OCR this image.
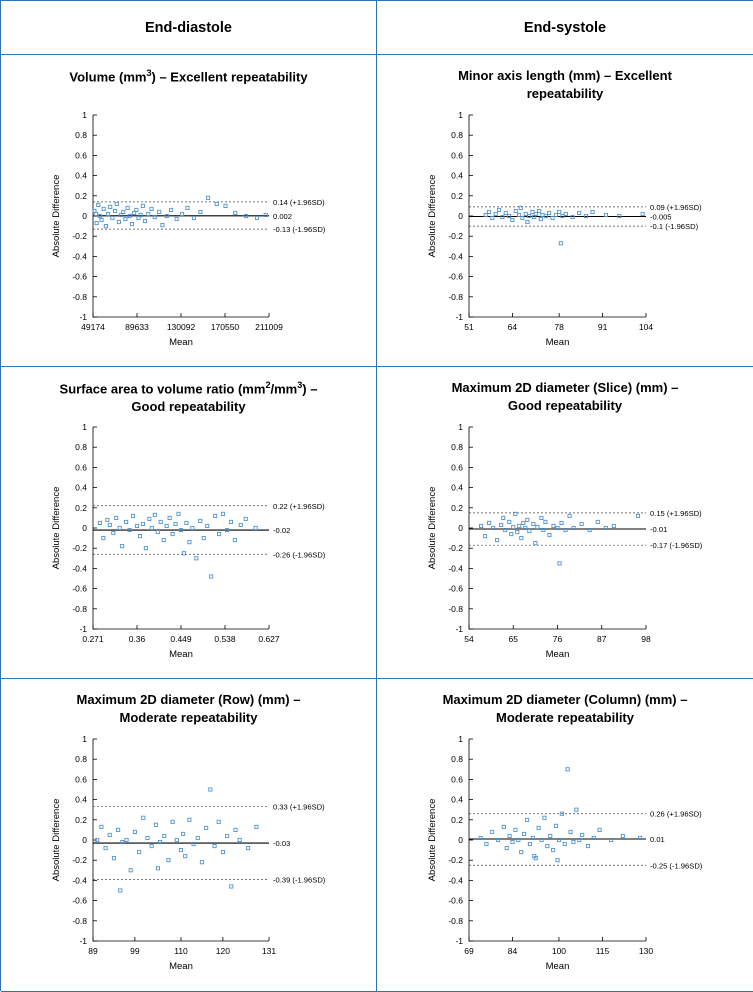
End-diastole	End-systole
Volume $(mm^3)$ – Excellent repeatability
-1
-0.8
-0.6
-0.4
-0.2
0
0.2
0.4
0.6
0.8
1
49174 89633 130092 170550 211009
Mean
Absolute Difference	0.14 (+1.96SD)
0.002
-0.13 (-1.96SD)
Minor axis length (mm) – Excellent
repeatability
-1
-0.8
-0.6
-0.4
-0.2
0
0.2
0.4
0.6
0.8
1
51	64	78	91	104
Mean
Absolute Difference	0.09 (+1.96SD)
-0.005
-0.1 (-1.96SD)
Surface area to volume ratio $(mm^2/mm^3)$ –
Good repeatability
-1
-0.8
-0.6
-0.4
-0.2
0
0.2
0.4
0.6
0.8
1
0.271	0.36	0.449	0.538	0.627
Mean
Absolute Difference	0.22 (+1.96SD)
-0.02
-0.26 (-1.96SD)
Maximum 2D diameter (Slice) (mm) –
Good repeatability
-1
-0.8
-0.6
-0.4
-0.2
0
0.2
0.4
0.6
0.8
1
54	65	76	87	98
Mean
Absolute Difference	0.15 (+1.96SD)
-0.01
-0.17 (-1.96SD)
Maximum 2D diameter (Row) (mm) –
Moderate repeatability
-1
-0.8
-0.6
-0.4
-0.2
0
0.2
0.4
0.6
0.8
1
89	99	110	120	131
Mean
Absolute Difference	0.33 (+1.96SD)
-0.03
-0.39 (-1.96SD)
Maximum 2D diameter (Column) (mm) –
Moderate repeatability
-1
-0.8
-0.6
-0.4
-0.2
0
0.2
0.4
0.6
0.8
1
69	84	100	115	130
Mean
Absolute Difference	0.26 (+1.96SD)
0.01
-0.25 (-1.96SD)
